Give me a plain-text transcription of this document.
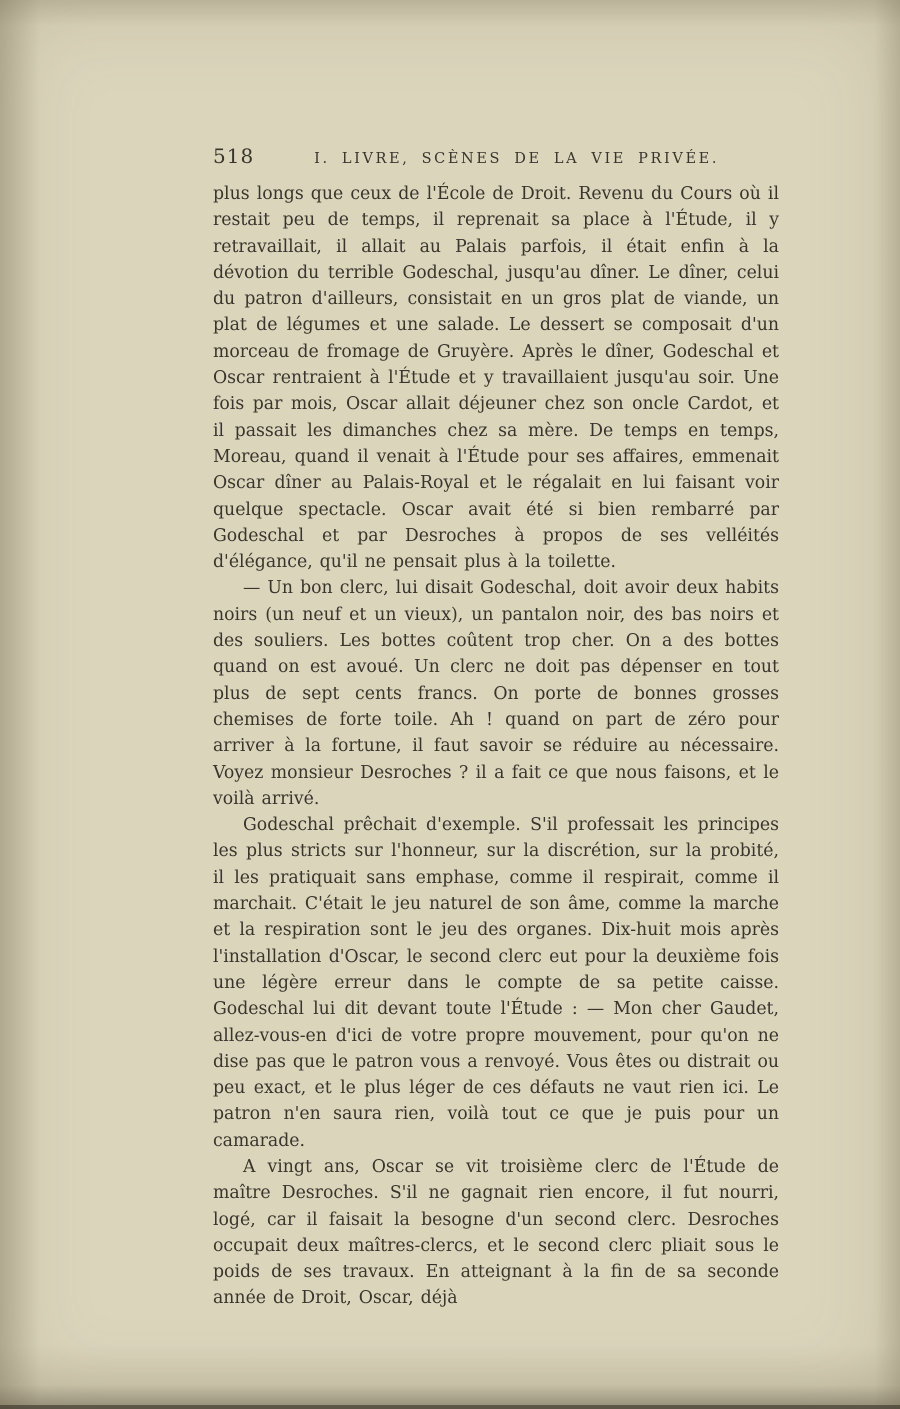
518	I. LIVRE, SCÈNES DE LA VIE PRIVÉE.

plus longs que ceux de l'École de Droit. Revenu du Cours où il restait peu de temps, il reprenait sa place à l'Étude, il y retravaillait, il allait au Palais parfois, il était enfin à la dévotion du terrible Godeschal, jusqu'au dîner. Le dîner, celui du patron d'ailleurs, consistait en un gros plat de viande, un plat de légumes et une salade. Le dessert se composait d'un morceau de fromage de Gruyère. Après le dîner, Godeschal et Oscar rentraient à l'Étude et y travaillaient jusqu'au soir. Une fois par mois, Oscar allait déjeuner chez son oncle Cardot, et il passait les dimanches chez sa mère. De temps en temps, Moreau, quand il venait à l'Étude pour ses affaires, emmenait Oscar dîner au Palais-Royal et le régalait en lui faisant voir quelque spectacle. Oscar avait été si bien rembarré par Godeschal et par Desroches à propos de ses velléités d'élégance, qu'il ne pensait plus à la toilette.

— Un bon clerc, lui disait Godeschal, doit avoir deux habits noirs (un neuf et un vieux), un pantalon noir, des bas noirs et des souliers. Les bottes coûtent trop cher. On a des bottes quand on est avoué. Un clerc ne doit pas dépenser en tout plus de sept cents francs. On porte de bonnes grosses chemises de forte toile. Ah ! quand on part de zéro pour arriver à la fortune, il faut savoir se réduire au nécessaire. Voyez monsieur Desroches ? il a fait ce que nous faisons, et le voilà arrivé.

Godeschal prêchait d'exemple. S'il professait les principes les plus stricts sur l'honneur, sur la discrétion, sur la probité, il les pratiquait sans emphase, comme il respirait, comme il marchait. C'était le jeu naturel de son âme, comme la marche et la respiration sont le jeu des organes. Dix-huit mois après l'installation d'Oscar, le second clerc eut pour la deuxième fois une légère erreur dans le compte de sa petite caisse. Godeschal lui dit devant toute l'Étude : — Mon cher Gaudet, allez-vous-en d'ici de votre propre mouvement, pour qu'on ne dise pas que le patron vous a renvoyé. Vous êtes ou distrait ou peu exact, et le plus léger de ces défauts ne vaut rien ici. Le patron n'en saura rien, voilà tout ce que je puis pour un camarade.

A vingt ans, Oscar se vit troisième clerc de l'Étude de maître Desroches. S'il ne gagnait rien encore, il fut nourri, logé, car il faisait la besogne d'un second clerc. Desroches occupait deux maîtres-clercs, et le second clerc pliait sous le poids de ses travaux. En atteignant à la fin de sa seconde année de Droit, Oscar, déjà
